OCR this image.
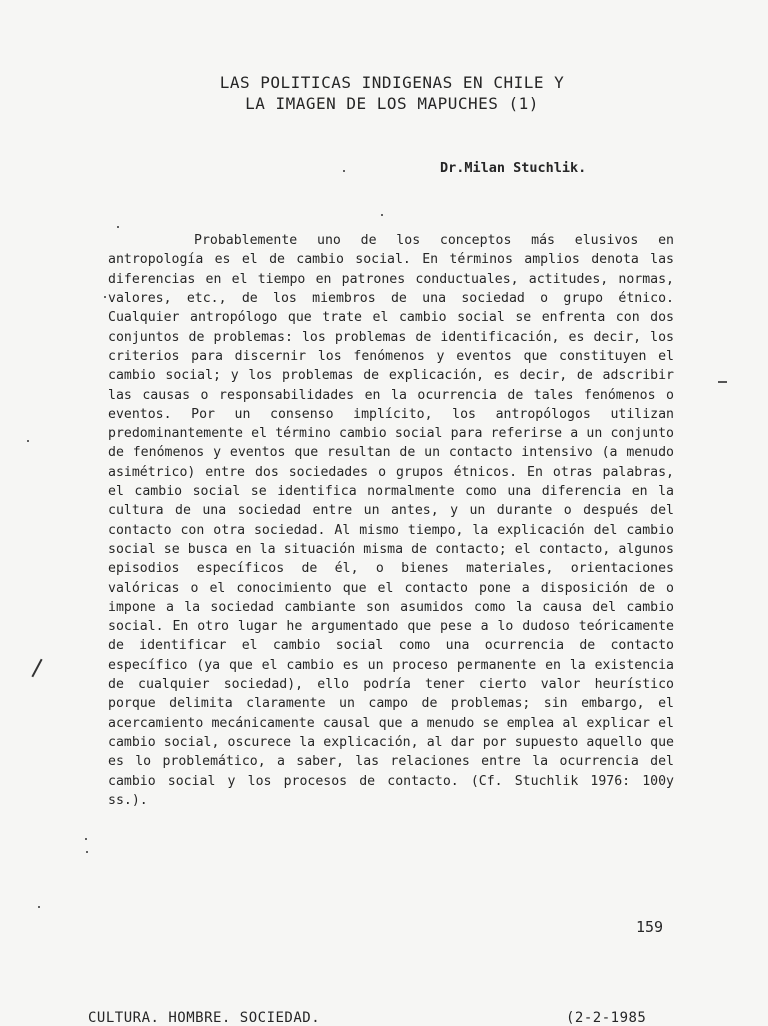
LAS POLITICAS INDIGENAS EN CHILE Y
LA IMAGEN DE LOS MAPUCHES (1)
Dr.Milan Stuchlik.

Probablemente uno de los conceptos más elusivos en antropología es el de cambio social. En términos amplios denota las diferencias en el tiempo en patrones conductuales, actitudes, normas, valores, etc., de los miembros de una sociedad o grupo étnico. Cualquier antropólogo que trate el cambio social se enfrenta con dos conjuntos de problemas: los problemas de identificación, es decir, los criterios para discernir los fenómenos y eventos que constituyen el cambio social; y los problemas de explicación, es decir, de adscribir las causas o responsabilidades en la ocurrencia de tales fenómenos o eventos. Por un consenso implícito, los antropólogos utilizan predominantemente el término cambio social para referirse a un conjunto de fenómenos y eventos que resultan de un contacto intensivo (a menudo asimétrico) entre dos sociedades o grupos étnicos. En otras palabras, el cambio social se identifica normalmente como una diferencia en la cultura de una sociedad entre un antes, y un durante o después del contacto con otra sociedad. Al mismo tiempo, la explicación del cambio social se busca en la situación misma de contacto; el contacto, algunos episodios específicos de él, o bienes materiales, orientaciones valóricas o el conocimiento que el contacto pone a disposición de o impone a la sociedad cambiante son asumidos como la causa del cambio social. En otro lugar he argumentado que pese a lo dudoso teóricamente de identificar el cambio social como una ocurrencia de contacto específico (ya que el cambio es un proceso permanente en la existencia de cualquier sociedad), ello podría tener cierto valor heurístico porque delimita claramente un campo de problemas; sin embargo, el acercamiento mecánicamente causal que a menudo se emplea al explicar el cambio social, oscurece la explicación, al dar por supuesto aquello que es lo problemático, a saber, las relaciones entre la ocurrencia del cambio social y los procesos de contacto. (Cf. Stuchlik 1976: 100y ss.).

159
CULTURA. HOMBRE. SOCIEDAD.	(2-2-1985
